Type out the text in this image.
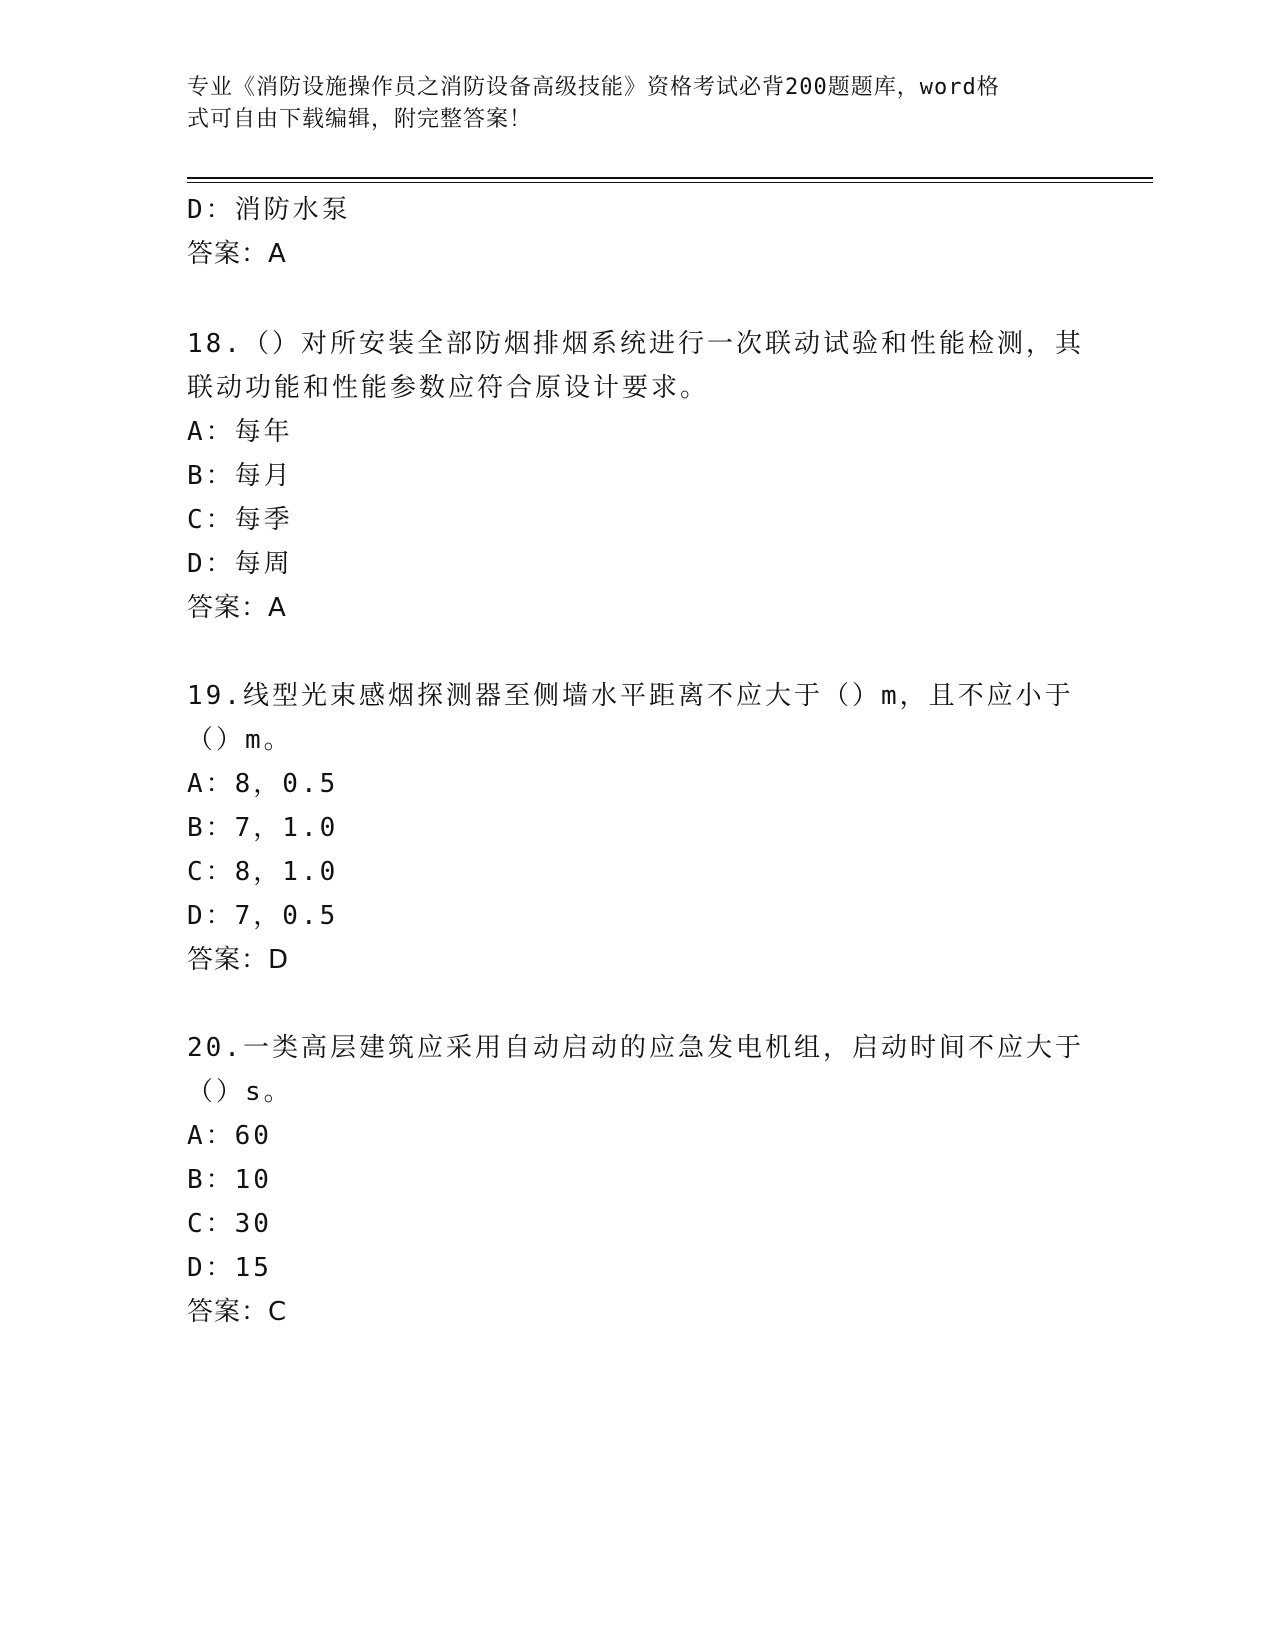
专业《消防设施操作员之消防设备高级技能》资格考试必背200题题库，word格
式可自由下载编辑，附完整答案！
D：消防水泵
答案：A
18.（）对所安装全部防烟排烟系统进行一次联动试验和性能检测，其
联动功能和性能参数应符合原设计要求。
A：每年
B：每月
C：每季
D：每周
答案：A
19.线型光束感烟探测器至侧墙水平距离不应大于（）m，且不应小于
（）m。
A：8，0.5
B：7，1.0
C：8，1.0
D：7，0.5
答案：D
20.一类高层建筑应采用自动启动的应急发电机组，启动时间不应大于
（）s。
A：60
B：10
C：30
D：15
答案：C
